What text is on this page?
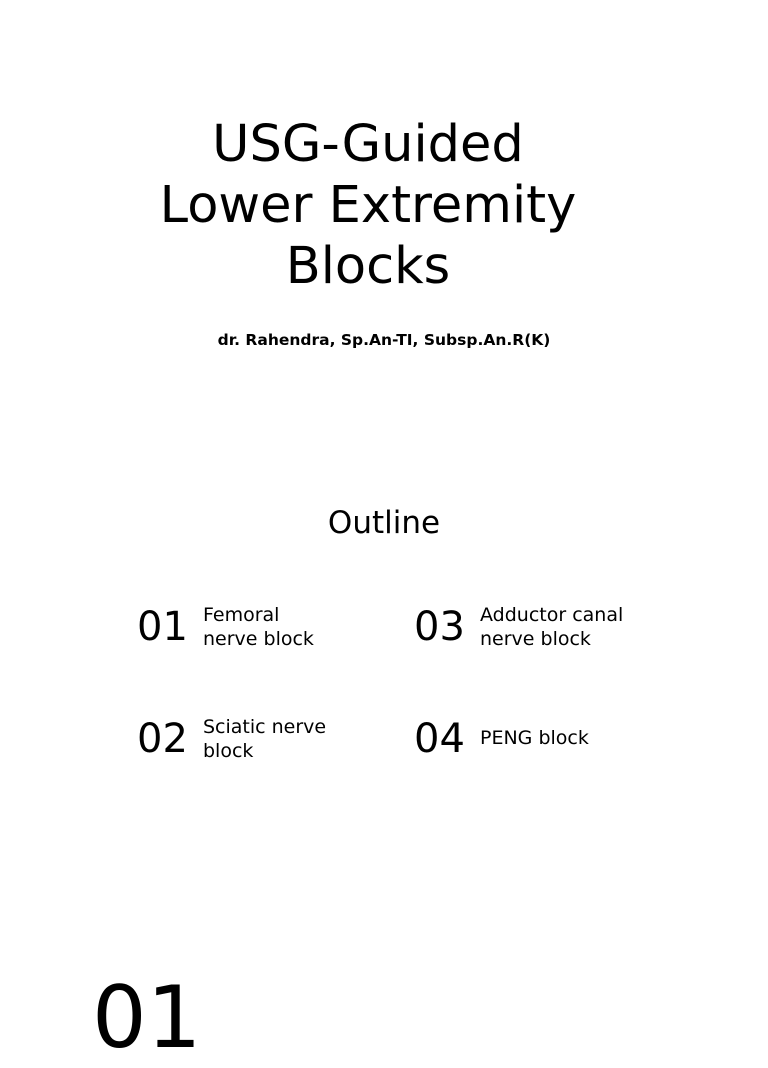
USG-Guided
Lower Extremity
Blocks

dr. Rahendra, Sp.An-TI, Subsp.An.R(K)

Outline
01 Femoral
nerve block
02 Sciatic nerve
block
03 Adductor canal
nerve block
04 PENG block
01
